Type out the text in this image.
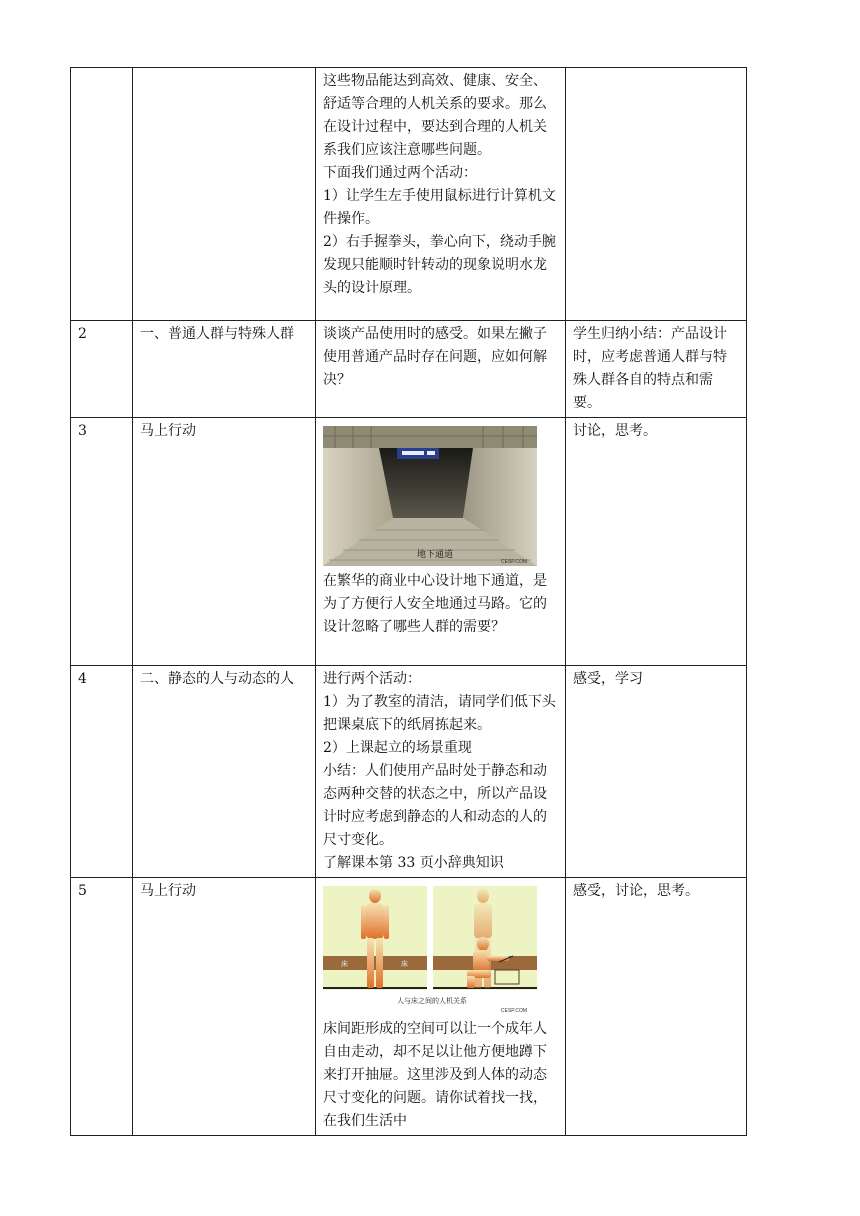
		这些物品能达到高效、健康、安全、舒适等合理的人机关系的要求。那么在设计过程中，要达到合理的人机关系我们应该注意哪些问题。

下面我们通过两个活动：

1）让学生左手使用鼠标进行计算机文件操作。

2）右手握拳头，拳心向下，绕动手腕发现只能顺时针转动的现象说明水龙头的设计原理。	

2	一、普通人群与特殊人群	谈谈产品使用时的感受。如果左撇子使用普通产品时存在问题，应如何解决？	学生归纳小结：产品设计时，应考虑普通人群与特殊人群各自的特点和需要。
3	马上行动	地下通道
CESP.COM

在繁华的商业中心设计地下通道，是为了方便行人安全地通过马路。它的设计忽略了哪些人群的需要？	讨论，思考。
4	二、静态的人与动态的人	进行两个活动：

1）为了教室的清洁，请同学们低下头把课桌底下的纸屑拣起来。

2）上课起立的场景重现

小结：人们使用产品时处于静态和动态两种交替的状态之中，所以产品设计时应考虑到静态的人和动态的人的尺寸变化。

了解课本第 33 页小辞典知识	感受，学习
5	马上行动	床 床
人与床之间的人机关系
CESP.COM

床间距形成的空间可以让一个成年人自由走动，却不足以让他方便地蹲下来打开抽屉。这里涉及到人体的动态尺寸变化的问题。请你试着找一找，在我们生活中	感受，讨论，思考。
